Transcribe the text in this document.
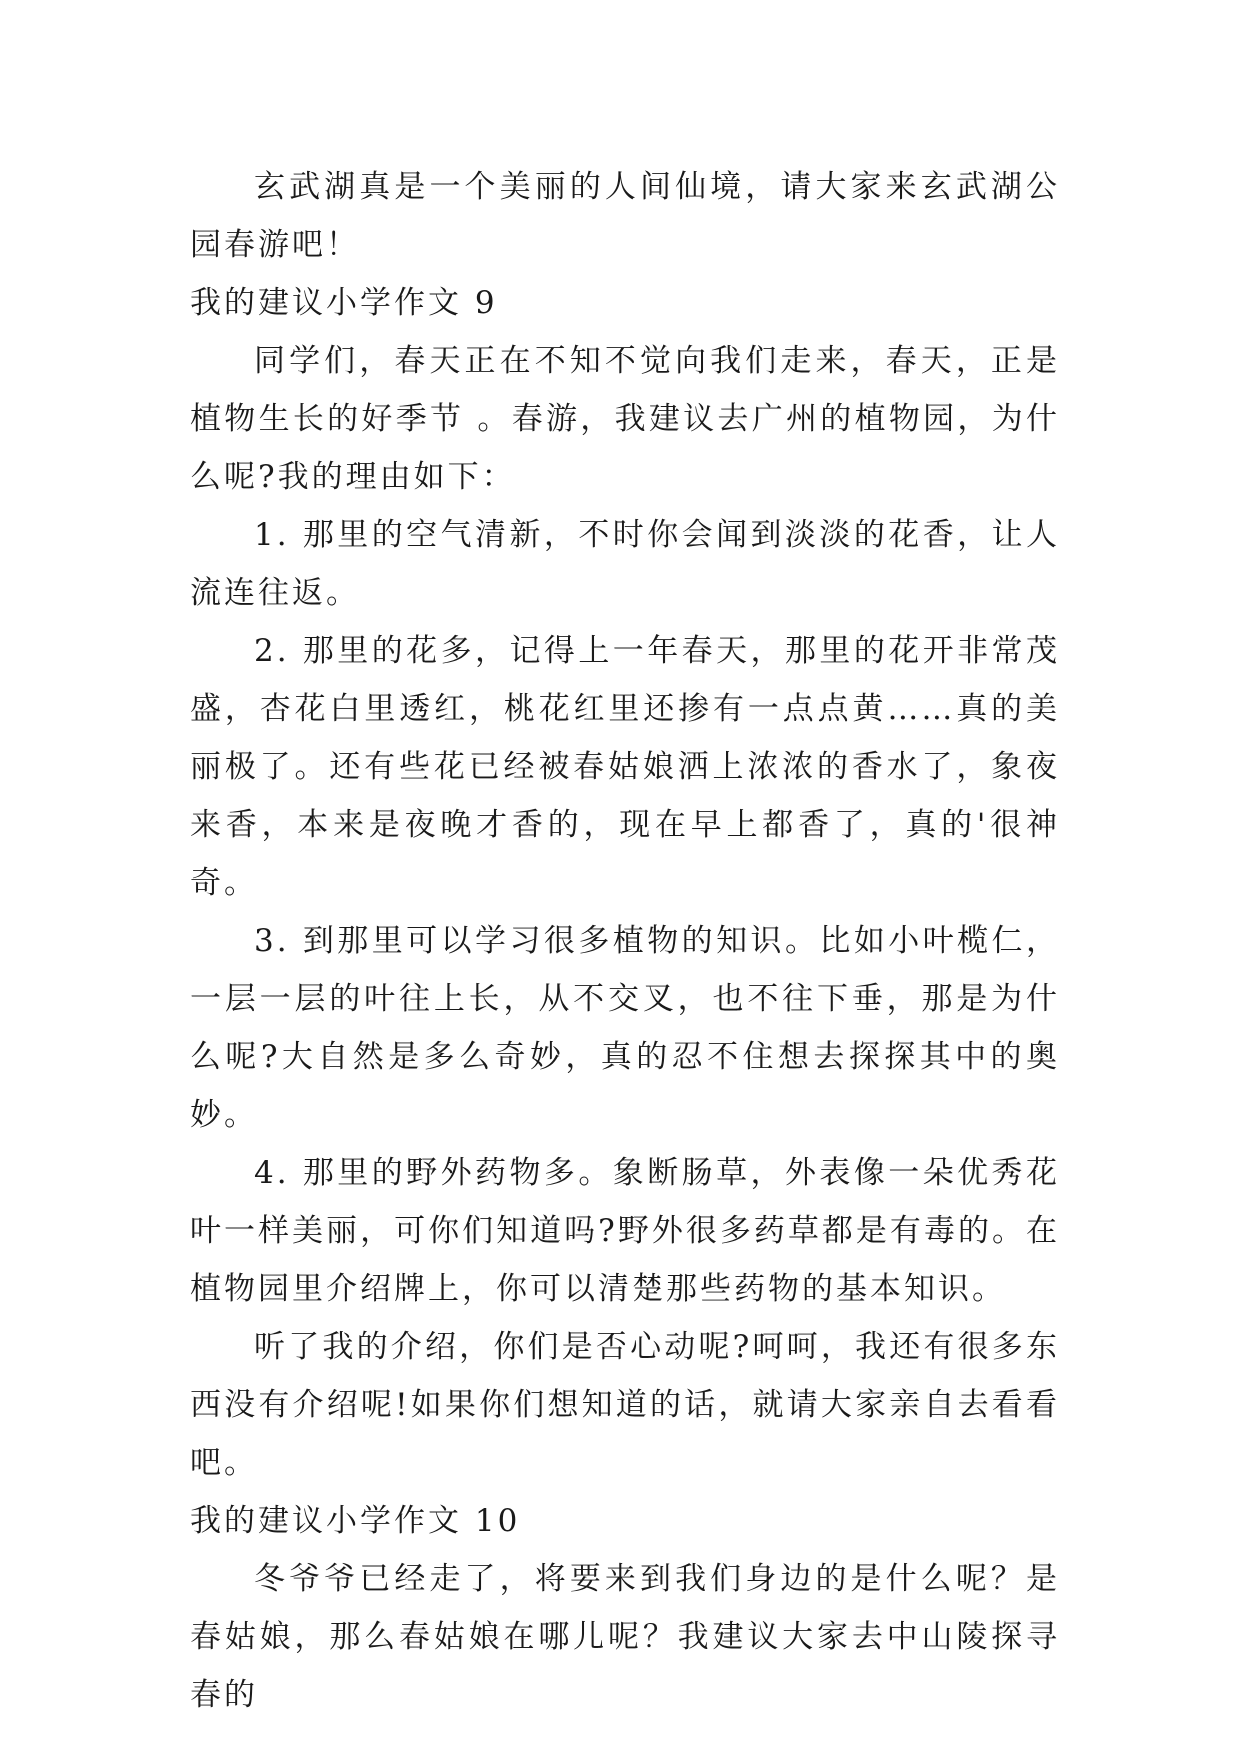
玄武湖真是一个美丽的人间仙境，请大家来玄武湖公园春游吧！

我的建议小学作文 9

同学们，春天正在不知不觉向我们走来，春天，正是植物生长的好季节 。春游，我建议去广州的植物园，为什么呢?我的理由如下：

1. 那里的空气清新，不时你会闻到淡淡的花香，让人流连往返。

2. 那里的花多，记得上一年春天，那里的花开非常茂盛，杏花白里透红，桃花红里还掺有一点点黄……真的美丽极了。还有些花已经被春姑娘洒上浓浓的香水了，象夜来香，本来是夜晚才香的，现在早上都香了，真的'很神奇。

3. 到那里可以学习很多植物的知识。比如小叶榄仁，一层一层的叶往上长，从不交叉，也不往下垂，那是为什么呢?大自然是多么奇妙，真的忍不住想去探探其中的奥妙。

4. 那里的野外药物多。象断肠草，外表像一朵优秀花叶一样美丽，可你们知道吗?野外很多药草都是有毒的。在植物园里介绍牌上，你可以清楚那些药物的基本知识。

听了我的介绍，你们是否心动呢?呵呵，我还有很多东西没有介绍呢!如果你们想知道的话，就请大家亲自去看看吧。

我的建议小学作文 10

冬爷爷已经走了，将要来到我们身边的是什么呢？是春姑娘，那么春姑娘在哪儿呢？我建议大家去中山陵探寻春的
